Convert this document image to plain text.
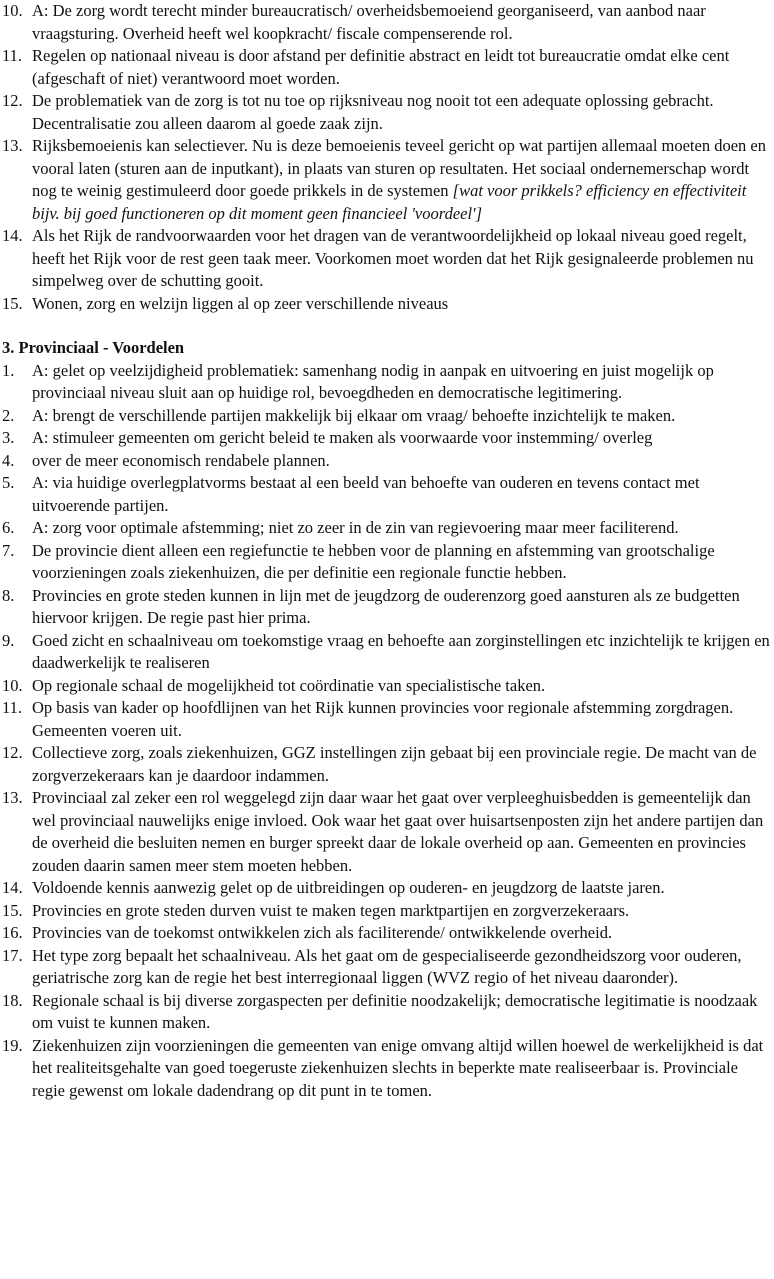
10. A: De zorg wordt terecht minder bureaucratisch/ overheidsbemoeiend georganiseerd, van aanbod naar vraagsturing. Overheid heeft wel koopkracht/ fiscale compenserende rol.
11. Regelen op nationaal niveau is door afstand per definitie abstract en leidt tot bureaucratie omdat elke cent (afgeschaft of niet) verantwoord moet worden.
12. De problematiek van de zorg is tot nu toe op rijksniveau nog nooit tot een adequate oplossing gebracht. Decentralisatie zou alleen daarom al goede zaak zijn.
13. Rijksbemoeienis kan selectiever. Nu is deze bemoeienis teveel gericht op wat partijen allemaal moeten doen en vooral laten (sturen aan de inputkant), in plaats van sturen op resultaten. Het sociaal ondernemerschap wordt nog te weinig gestimuleerd door goede prikkels in de systemen [wat voor prikkels? efficiency en effectiviteit bijv. bij goed functioneren op dit moment geen financieel 'voordeel']
14. Als het Rijk de randvoorwaarden voor het dragen van de verantwoordelijkheid op lokaal niveau goed regelt, heeft het Rijk voor de rest geen taak meer. Voorkomen moet worden dat het Rijk gesignaleerde problemen nu simpelweg over de schutting gooit.
15. Wonen, zorg en welzijn liggen al op zeer verschillende niveaus
3. Provinciaal - Voordelen
1.	A: gelet op veelzijdigheid problematiek: samenhang nodig in aanpak en uitvoering en juist mogelijk op provinciaal niveau sluit aan op huidige rol, bevoegdheden en democratische legitimering.
2.	A: brengt de verschillende partijen makkelijk bij elkaar om vraag/ behoefte inzichtelijk te maken.
3.	A: stimuleer gemeenten om gericht beleid te maken als voorwaarde voor instemming/ overleg
4.	over de meer economisch rendabele plannen.
5.	A: via huidige overlegplatvorms bestaat al een beeld van behoefte van ouderen en tevens contact met uitvoerende partijen.
6.	A: zorg voor optimale afstemming; niet zo zeer in de zin van regievoering maar meer faciliterend.
7.	De provincie dient alleen een regiefunctie te hebben voor de planning en afstemming van grootschalige voorzieningen zoals ziekenhuizen, die per definitie een regionale functie hebben.
8.	Provincies en grote steden kunnen in lijn met de jeugdzorg de ouderenzorg goed aansturen als ze budgetten hiervoor krijgen. De regie past hier prima.
9.	Goed zicht en schaalniveau om toekomstige vraag en behoefte aan zorginstellingen etc inzichtelijk te krijgen en daadwerkelijk te realiseren
10. Op regionale schaal de mogelijkheid tot coördinatie van specialistische taken.
11. Op basis van kader op hoofdlijnen van het Rijk kunnen provincies voor regionale afstemming zorgdragen. Gemeenten voeren uit.
12. Collectieve zorg, zoals ziekenhuizen, GGZ instellingen zijn gebaat bij een provinciale regie. De macht van de zorgverzekeraars kan je daardoor indammen.
13. Provinciaal zal zeker een rol weggelegd zijn daar waar het gaat over verpleeghuisbedden is gemeentelijk dan wel provinciaal nauwelijks enige invloed. Ook waar het gaat over huisartsenposten zijn het andere partijen dan de overheid die besluiten nemen en burger spreekt daar de lokale overheid op aan. Gemeenten en provincies zouden daarin samen meer stem moeten hebben.
14. Voldoende kennis aanwezig gelet op de uitbreidingen op ouderen- en jeugdzorg de laatste jaren.
15. Provincies en grote steden durven vuist te maken tegen marktpartijen en zorgverzekeraars.
16. Provincies van de toekomst ontwikkelen zich als faciliterende/ ontwikkelende overheid.
17. Het type zorg bepaalt het schaalniveau. Als het gaat om de gespecialiseerde gezondheidszorg voor ouderen, geriatrische zorg kan de regie het best interregionaal liggen (WVZ regio of het niveau daaronder).
18. Regionale schaal is bij diverse zorgaspecten per definitie noodzakelijk; democratische legitimatie is noodzaak om vuist te kunnen maken.
19. Ziekenhuizen zijn voorzieningen die gemeenten van enige omvang altijd willen hoewel de werkelijkheid is dat het realiteitsgehalte van goed toegeruste ziekenhuizen slechts in beperkte mate realiseerbaar is. Provinciale regie gewenst om lokale dadendrang op dit punt in te tomen.
